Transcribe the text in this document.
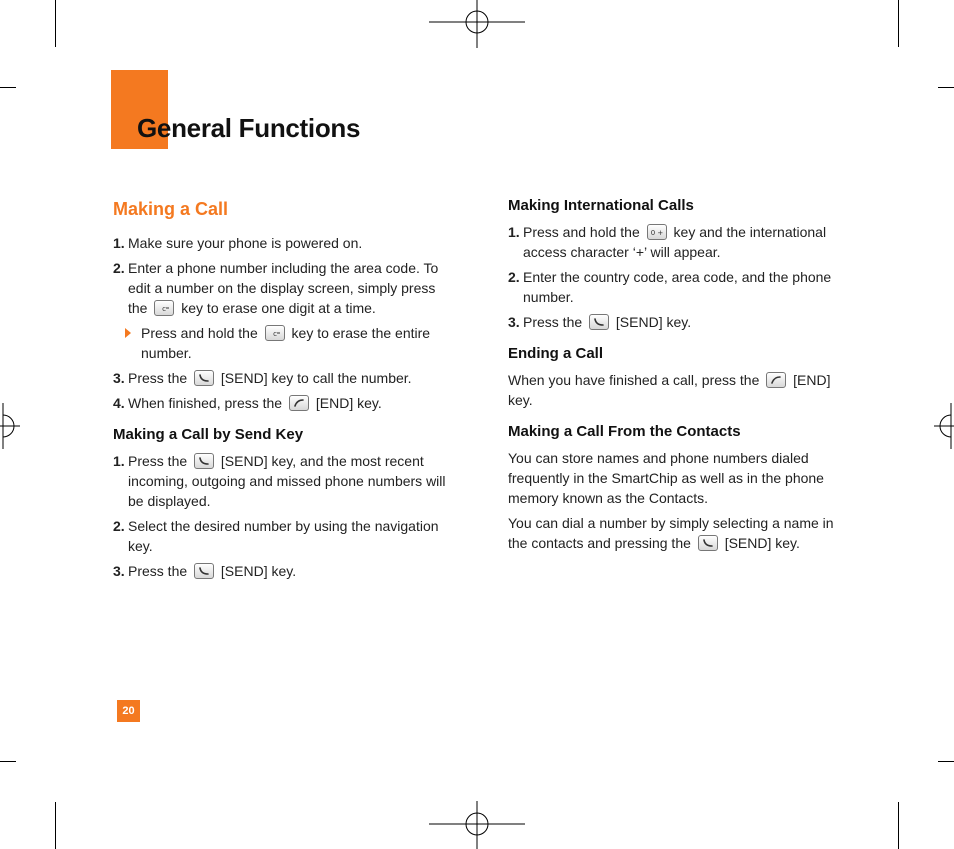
General Functions
Making a Call
1. Make sure your phone is powered on.
2. Enter a phone number including the area code. To edit a number on the display screen, simply press the c key to erase one digit at a time.
Press and hold the c key to erase the entire number.
3. Press the [SEND] key to call the number.
4. When finished, press the [END] key.
Making a Call by Send Key
1. Press the [SEND] key, and the most recent incoming, outgoing and missed phone numbers will be displayed.
2. Select the desired number by using the navigation key.
3. Press the [SEND] key.
Making International Calls
1. Press and hold the 0 + key and the international access character ‘+’ will appear.
2. Enter the country code, area code, and the phone number.
3. Press the [SEND] key.
Ending a Call

When you have finished a call, press the [END] key.

Making a Call From the Contacts

You can store names and phone numbers dialed frequently in the SmartChip as well as in the phone memory known as the Contacts.

You can dial a number by simply selecting a name in the contacts and pressing the [SEND] key.

20
